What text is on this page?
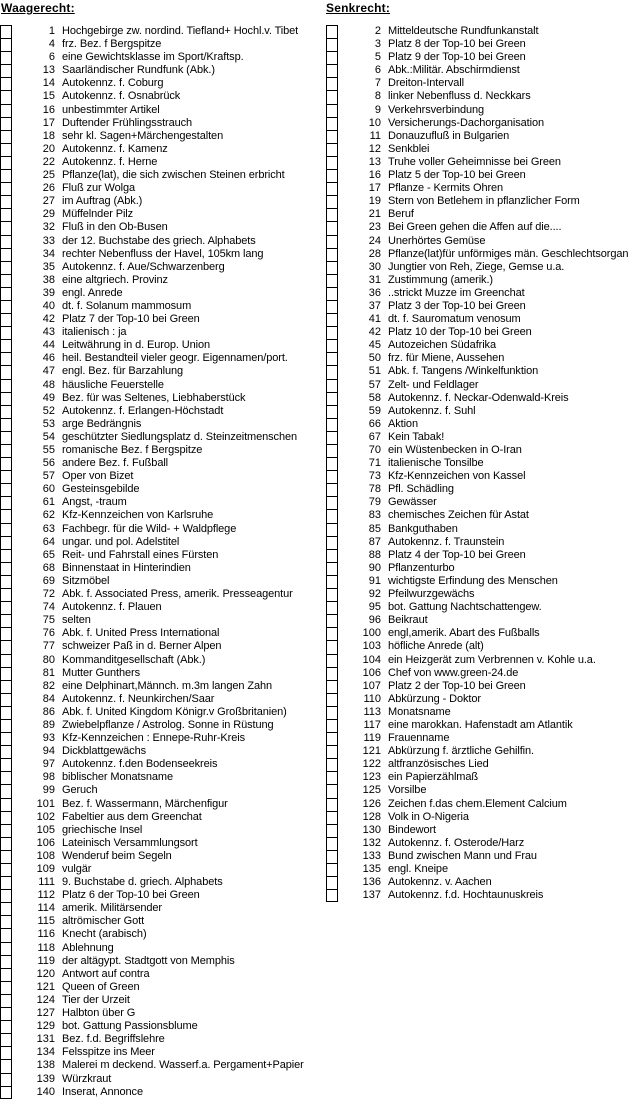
Waagerecht:
1 Hochgebirge zw. nordind. Tiefland+ Hochl.v. Tibet
4 frz. Bez. f Bergspitze
6 eine Gewichtsklasse im Sport/Kraftsp.
13 Saarländischer Rundfunk (Abk.)
14 Autokennz. f. Coburg
15 Autokennz. f. Osnabrück
16 unbestimmter Artikel
17 Duftender Frühlingsstrauch
18 sehr kl. Sagen+Märchengestalten
20 Autokennz. f. Kamenz
22 Autokennz. f. Herne
25 Pflanze(lat), die sich zwischen Steinen erbricht
26 Fluß zur Wolga
27 im Auftrag (Abk.)
29 Müffelnder Pilz
32 Fluß in den Ob-Busen
33 der 12. Buchstabe des griech. Alphabets
34 rechter Nebenfluss der Havel, 105km lang
35 Autokennz. f. Aue/Schwarzenberg
38 eine altgriech. Provinz
39 engl. Anrede
40 dt. f. Solanum mammosum
42 Platz 7 der Top-10 bei Green
43 italienisch : ja
44 Leitwährung in d. Europ. Union
46 heil. Bestandteil vieler geogr. Eigennamen/port.
47 engl. Bez. für Barzahlung
48 häusliche Feuerstelle
49 Bez. für was Seltenes, Liebhaberstück
52 Autokennz. f. Erlangen-Höchstadt
53 arge Bedrängnis
54 geschützter Siedlungsplatz d. Steinzeitmenschen
55 romanische Bez. f Bergspitze
56 andere Bez. f. Fußball
57 Oper von Bizet
60 Gesteinsgebilde
61 Angst, -traum
62 Kfz-Kennzeichen von Karlsruhe
63 Fachbegr. für die Wild- + Waldpflege
64 ungar. und pol. Adelstitel
65 Reit- und Fahrstall eines Fürsten
68 Binnenstaat in Hinterindien
69 Sitzmöbel
72 Abk. f. Associated Press, amerik. Presseagentur
74 Autokennz. f. Plauen
75 selten
76 Abk. f. United Press International
77 schweizer Paß in d. Berner Alpen
80 Kommanditgesellschaft (Abk.)
81 Mutter Gunthers
82 eine Delphinart,Männch. m.3m langen Zahn
84 Autokennz. f. Neunkirchen/Saar
86 Abk. f. United Kingdom Königr.v Großbritanien)
89 Zwiebelpflanze / Astrolog. Sonne in Rüstung
93 Kfz-Kennzeichen : Ennepe-Ruhr-Kreis
94 Dickblattgewächs
97 Autokennz. f.den Bodenseekreis
98 biblischer Monatsname
99 Geruch
101 Bez. f. Wassermann, Märchenfigur
102 Fabeltier aus dem Greenchat
105 griechische Insel
106 Lateinisch Versammlungsort
108 Wenderuf beim Segeln
109 vulgär
111 9. Buchstabe d. griech. Alphabets
112 Platz 6 der Top-10 bei Green
114 amerik. Militärsender
115 altrömischer Gott
116 Knecht (arabisch)
118 Ablehnung
119 der altägypt. Stadtgott von Memphis
120 Antwort auf contra
121 Queen of Green
124 Tier der Urzeit
127 Halbton über G
129 bot. Gattung Passionsblume
131 Bez. f.d. Begriffslehre
134 Felsspitze ins Meer
138 Malerei m deckend. Wasserf.a. Pergament+Papier
139 Würzkraut
140 Inserat, Annonce
Senkrecht:
2 Mitteldeutsche Rundfunkanstalt
3 Platz 8 der Top-10 bei Green
5 Platz 9 der Top-10 bei Green
6 Abk.:Militär. Abschirmdienst
7 Dreiton-Intervall
8 linker Nebenfluss d. Neckkars
9 Verkehrsverbindung
10 Versicherungs-Dachorganisation
11 Donauzufluß in Bulgarien
12 Senkblei
13 Truhe voller Geheimnisse bei Green
16 Platz 5 der Top-10 bei Green
17 Pflanze - Kermits Ohren
19 Stern von Betlehem in pflanzlicher Form
21 Beruf
23 Bei Green gehen die Affen auf die....
24 Unerhörtes Gemüse
28 Pflanze(lat)für unförmiges män. Geschlechtsorgan
30 Jungtier von Reh, Ziege, Gemse u.a.
31 Zustimmung (amerik.)
36 ..strickt Muzze im Greenchat
37 Platz 3 der Top-10 bei Green
41 dt. f. Sauromatum venosum
42 Platz 10 der Top-10 bei Green
45 Autozeichen Südafrika
50 frz. für Miene, Aussehen
51 Abk. f. Tangens /Winkelfunktion
57 Zelt- und Feldlager
58 Autokennz. f. Neckar-Odenwald-Kreis
59 Autokennz. f. Suhl
66 Aktion
67 Kein Tabak!
70 ein Wüstenbecken in O-Iran
71 italienische Tonsilbe
73 Kfz-Kennzeichen von Kassel
78 Pfl. Schädling
79 Gewässer
83 chemisches Zeichen für Astat
85 Bankguthaben
87 Autokennz. f. Traunstein
88 Platz 4 der Top-10 bei Green
90 Pflanzenturbo
91 wichtigste Erfindung des Menschen
92 Pfeilwurzgewächs
95 bot. Gattung Nachtschattengew.
96 Beikraut
100 engl,amerik. Abart des Fußballs
103 höfliche Anrede (alt)
104 ein Heizgerät zum Verbrennen v. Kohle u.a.
106 Chef von www.green-24.de
107 Platz 2 der Top-10 bei Green
110 Abkürzung - Doktor
113 Monatsname
117 eine marokkan. Hafenstadt am Atlantik
119 Frauenname
121 Abkürzung f. ärztliche Gehilfin.
122 altfranzösisches Lied
123 ein Papierzählmaß
125 Vorsilbe
126 Zeichen f.das chem.Element Calcium
128 Volk in O-Nigeria
130 Bindewort
132 Autokennz. f. Osterode/Harz
133 Bund zwischen Mann und Frau
135 engl. Kneipe
136 Autokennz. v. Aachen
137 Autokennz. f.d. Hochtaunuskreis
